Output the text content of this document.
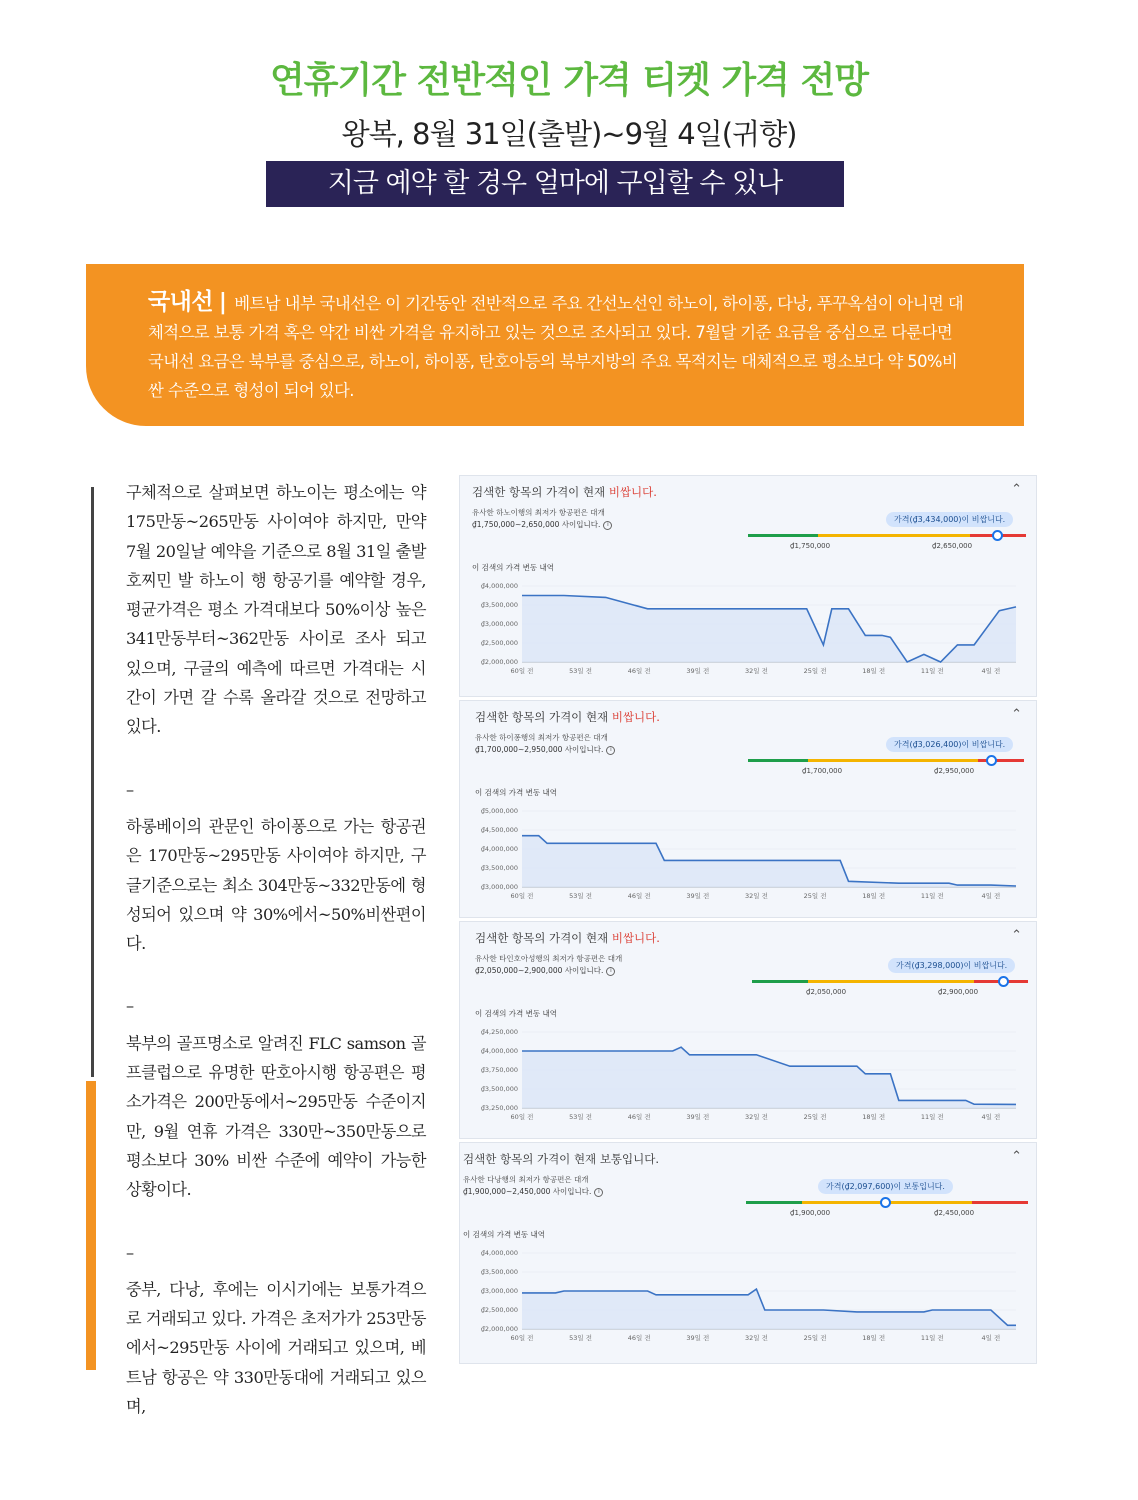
연휴기간 전반적인 가격 티켓 가격 전망
왕복, 8월 31일(출발)~9월 4일(귀향)
지금 예약 할 경우 얼마에 구입할 수 있나
국내선 | 베트남 내부 국내선은 이 기간동안 전반적으로 주요 간선노선인 하노이, 하이퐁, 다낭, 푸꾸옥섬이 아니면 대체적으로 보통 가격 혹은 약간 비싼 가격을 유지하고 있는 것으로 조사되고 있다. 7월달 기준 요금을 중심으로 다룬다면 국내선 요금은 북부를 중심으로, 하노이, 하이퐁, 탄호아등의 북부지방의 주요 목적지는 대체적으로 평소보다 약 50%비싼 수준으로 형성이 되어 있다.

구체적으로 살펴보면 하노이는 평소에는 약 175만동~265만동 사이여야 하지만, 만약 7월 20일날 예약을 기준으로 8월 31일 출발 호찌민 발 하노이 행 항공기를 예약할 경우, 평균가격은 평소 가격대보다 50%이상 높은 341만동부터~362만동 사이로 조사 되고 있으며, 구글의 예측에 따르면 가격대는 시간이 가면 갈 수록 올라갈 것으로 전망하고 있다.

–

하롱베이의 관문인 하이퐁으로 가는 항공권은 170만동~295만동 사이여야 하지만, 구글기준으로는 최소 304만동~332만동에 형성되어 있으며 약 30%에서~50%비싼편이다.

–

북부의 골프명소로 알려진 FLC samson 골프클럽으로 유명한 딴호아시행 항공편은 평소가격은 200만동에서~295만동 수준이지만, 9월 연휴 가격은 330만~350만동으로 평소보다 30% 비싼 수준에 예약이 가능한 상황이다.

–

중부, 다낭, 후에는 이시기에는 보통가격으로 거래되고 있다. 가격은 초저가가 253만동에서~295만동 사이에 거래되고 있으며, 베트남 항공은 약 330만동대에 거래되고 있으며,

검색한 항목의 가격이 현재 비쌉니다.	⌃
유사한 하노이행의 최저가 항공편은 대개
₫1,750,000~2,650,000 사이입니다. i
가격(₫3,434,000)이 비쌉니다.
₫1,750,000	₫2,650,000
이 검색의 가격 변동 내역
₫4,000,000
₫3,500,000
₫3,000,000
₫2,500,000
₫2,000,000
60일 전	53일 전	46일 전	39일 전	32일 전	25일 전	18일 전	11일 전	4일 전
검색한 항목의 가격이 현재 비쌉니다.	⌃
유사한 하이퐁행의 최저가 항공편은 대개
₫1,700,000~2,950,000 사이입니다. i
가격(₫3,026,400)이 비쌉니다.
₫1,700,000	₫2,950,000
이 검색의 가격 변동 내역
₫5,000,000
₫4,500,000
₫4,000,000
₫3,500,000
₫3,000,000
60일 전	53일 전	46일 전	39일 전	32일 전	25일 전	18일 전	11일 전	4일 전
검색한 항목의 가격이 현재 비쌉니다.	⌃
유사한 타인호아성행의 최저가 항공편은 대개
₫2,050,000~2,900,000 사이입니다. i
가격(₫3,298,000)이 비쌉니다.
₫2,050,000	₫2,900,000
이 검색의 가격 변동 내역
₫4,250,000
₫4,000,000
₫3,750,000
₫3,500,000
₫3,250,000
60일 전	53일 전	46일 전	39일 전	32일 전	25일 전	18일 전	11일 전	4일 전
검색한 항목의 가격이 현재 보통입니다.	⌃
유사한 다낭행의 최저가 항공편은 대개
₫1,900,000~2,450,000 사이입니다. i
가격(₫2,097,600)이 보통입니다.
₫1,900,000	₫2,450,000
이 검색의 가격 변동 내역
₫4,000,000
₫3,500,000
₫3,000,000
₫2,500,000
₫2,000,000
60일 전	53일 전	46일 전	39일 전	32일 전	25일 전	18일 전	11일 전	4일 전
